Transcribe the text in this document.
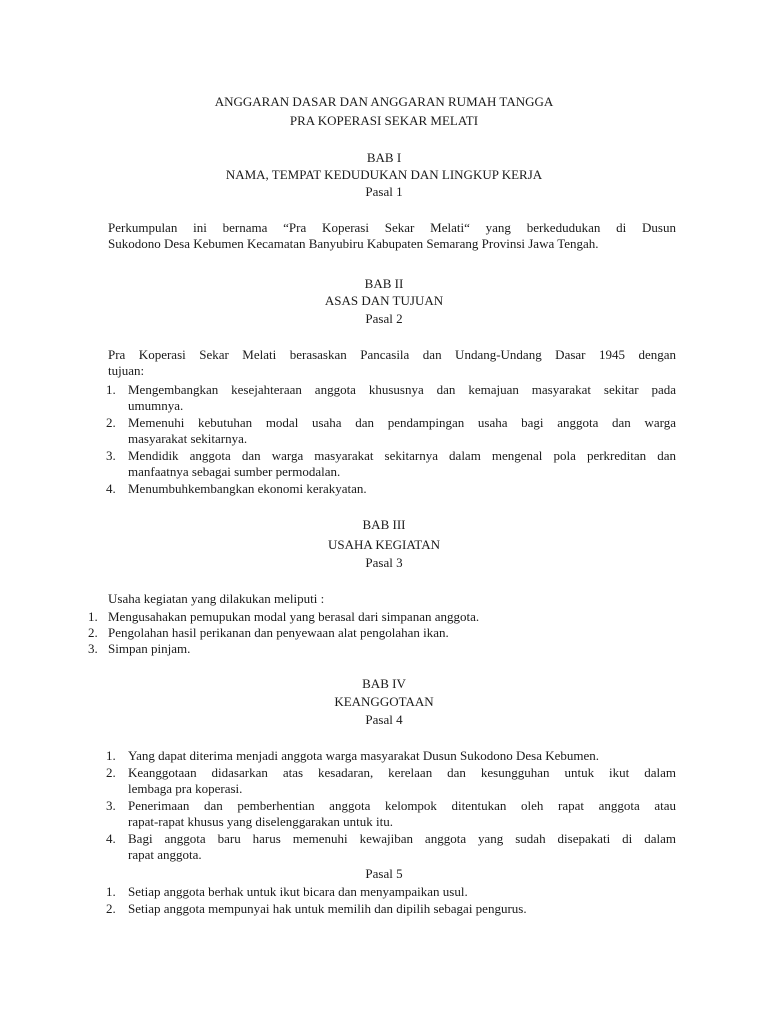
ANGGARAN DASAR DAN ANGGARAN RUMAH TANGGA
PRA KOPERASI SEKAR MELATI
BAB I
NAMA, TEMPAT KEDUDUKAN DAN LINGKUP KERJA
Pasal 1
Perkumpulan ini bernama “Pra Koperasi Sekar Melati“ yang berkedudukan di Dusun
Sukodono Desa Kebumen Kecamatan Banyubiru Kabupaten Semarang Provinsi Jawa Tengah.
BAB II
ASAS DAN TUJUAN
Pasal 2
Pra Koperasi Sekar Melati berasaskan Pancasila dan Undang-Undang Dasar 1945 dengan
tujuan:
1. Mengembangkan kesejahteraan anggota khususnya dan kemajuan masyarakat sekitar pada
umumnya.
2. Memenuhi kebutuhan modal usaha dan pendampingan usaha bagi anggota dan warga
masyarakat sekitarnya.
3. Mendidik anggota dan warga masyarakat sekitarnya dalam mengenal pola perkreditan dan
manfaatnya sebagai sumber permodalan.
4. Menumbuhkembangkan ekonomi kerakyatan.
BAB III
USAHA KEGIATAN
Pasal 3
Usaha kegiatan yang dilakukan meliputi :
1. Mengusahakan pemupukan modal yang berasal dari simpanan anggota.
2. Pengolahan hasil perikanan dan penyewaan alat pengolahan ikan.
3. Simpan pinjam.
BAB IV
KEANGGOTAAN
Pasal 4
1. Yang dapat diterima menjadi anggota warga masyarakat Dusun Sukodono Desa Kebumen.
2. Keanggotaan didasarkan atas kesadaran, kerelaan dan kesungguhan untuk ikut dalam
lembaga pra koperasi.
3. Penerimaan dan pemberhentian anggota kelompok ditentukan oleh rapat anggota atau
rapat-rapat khusus yang diselenggarakan untuk itu.
4. Bagi anggota baru harus memenuhi kewajiban anggota yang sudah disepakati di dalam
rapat anggota.
Pasal 5
1. Setiap anggota berhak untuk ikut bicara dan menyampaikan usul.
2. Setiap anggota mempunyai hak untuk memilih dan dipilih sebagai pengurus.
